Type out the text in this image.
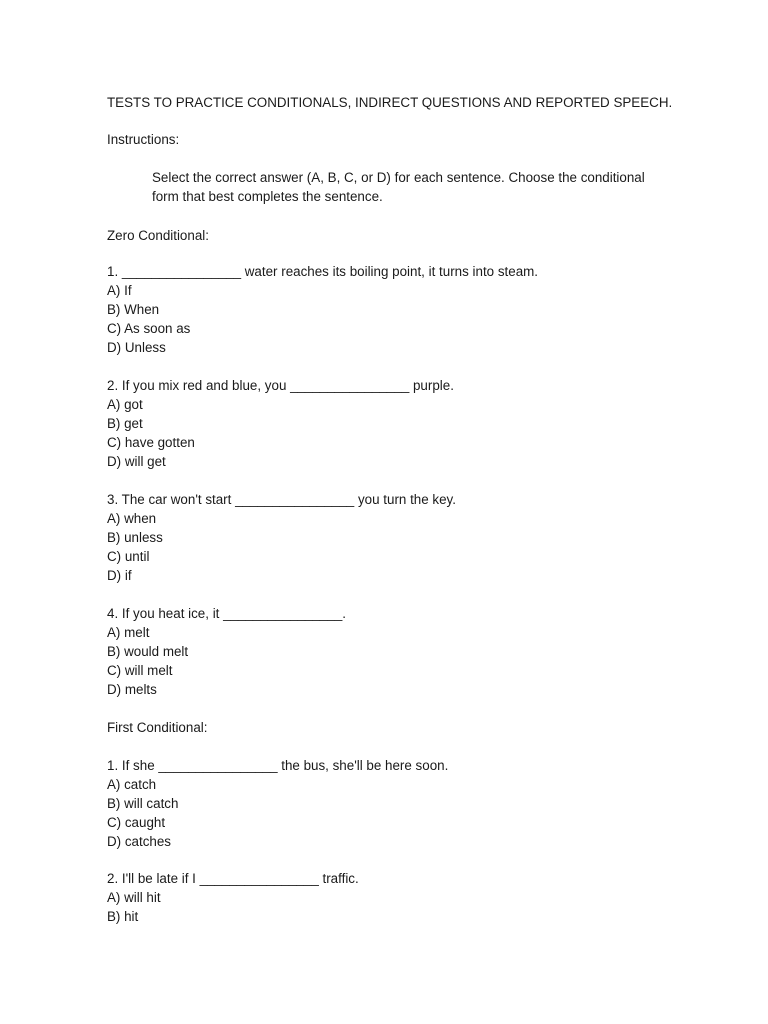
TESTS TO PRACTICE CONDITIONALS, INDIRECT QUESTIONS AND REPORTED SPEECH.

Instructions:

Select the correct answer (A, B, C, or D) for each sentence. Choose the conditional form that best completes the sentence.

Zero Conditional:

1. ________________ water reaches its boiling point, it turns into steam.
A) If
B) When
C) As soon as
D) Unless
2. If you mix red and blue, you ________________ purple.
A) got
B) get
C) have gotten
D) will get
3. The car won't start ________________ you turn the key.
A) when
B) unless
C) until
D) if
4. If you heat ice, it ________________.
A) melt
B) would melt
C) will melt
D) melts

First Conditional:

1. If she ________________ the bus, she'll be here soon.
A) catch
B) will catch
C) caught
D) catches
2. I'll be late if I ________________ traffic.
A) will hit
B) hit
